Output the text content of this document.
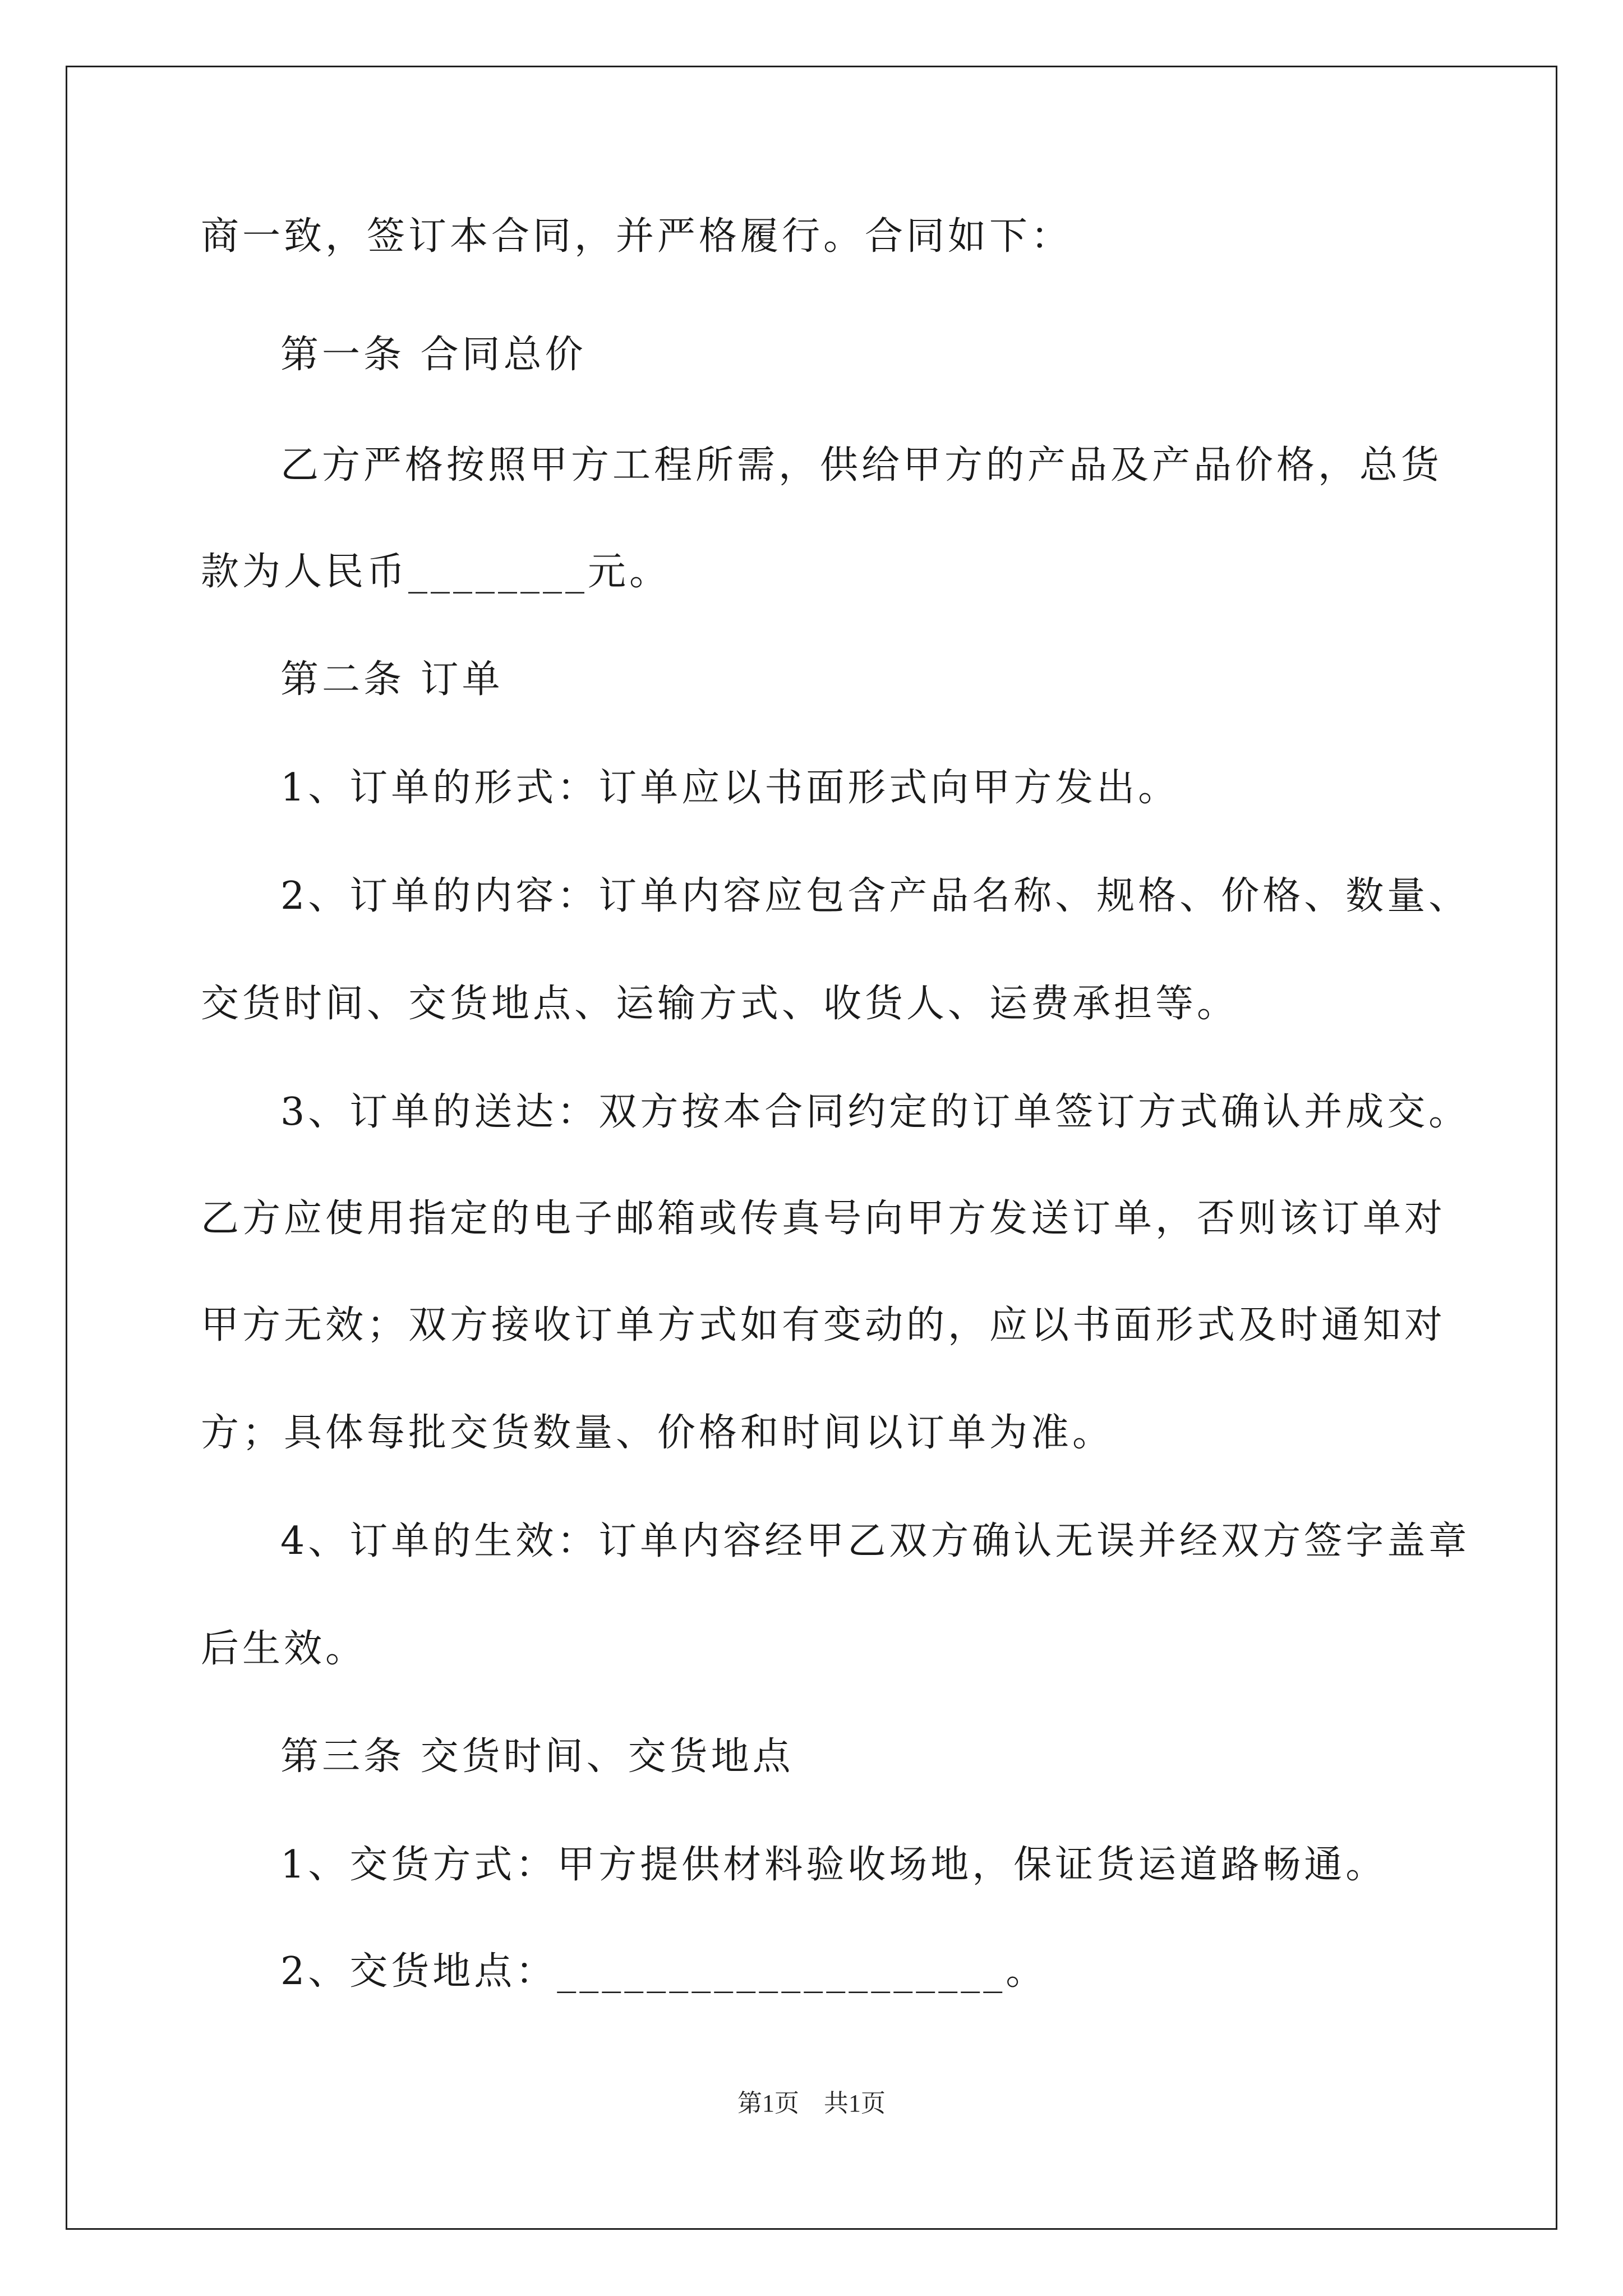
商一致，签订本合同，并严格履行。合同如下：
第一条 合同总价
乙方严格按照甲方工程所需，供给甲方的产品及产品价格，总货
款为人民币________元。
第二条 订单
1、订单的形式：订单应以书面形式向甲方发出。
2、订单的内容：订单内容应包含产品名称、规格、价格、数量、
交货时间、交货地点、运输方式、收货人、运费承担等。
3、订单的送达：双方按本合同约定的订单签订方式确认并成交。
乙方应使用指定的电子邮箱或传真号向甲方发送订单，否则该订单对
甲方无效；双方接收订单方式如有变动的，应以书面形式及时通知对
方；具体每批交货数量、价格和时间以订单为准。
4、订单的生效：订单内容经甲乙双方确认无误并经双方签字盖章
后生效。
第三条 交货时间、交货地点
1、交货方式：甲方提供材料验收场地，保证货运道路畅通。
2、交货地点：____________________。
第1页　共1页
